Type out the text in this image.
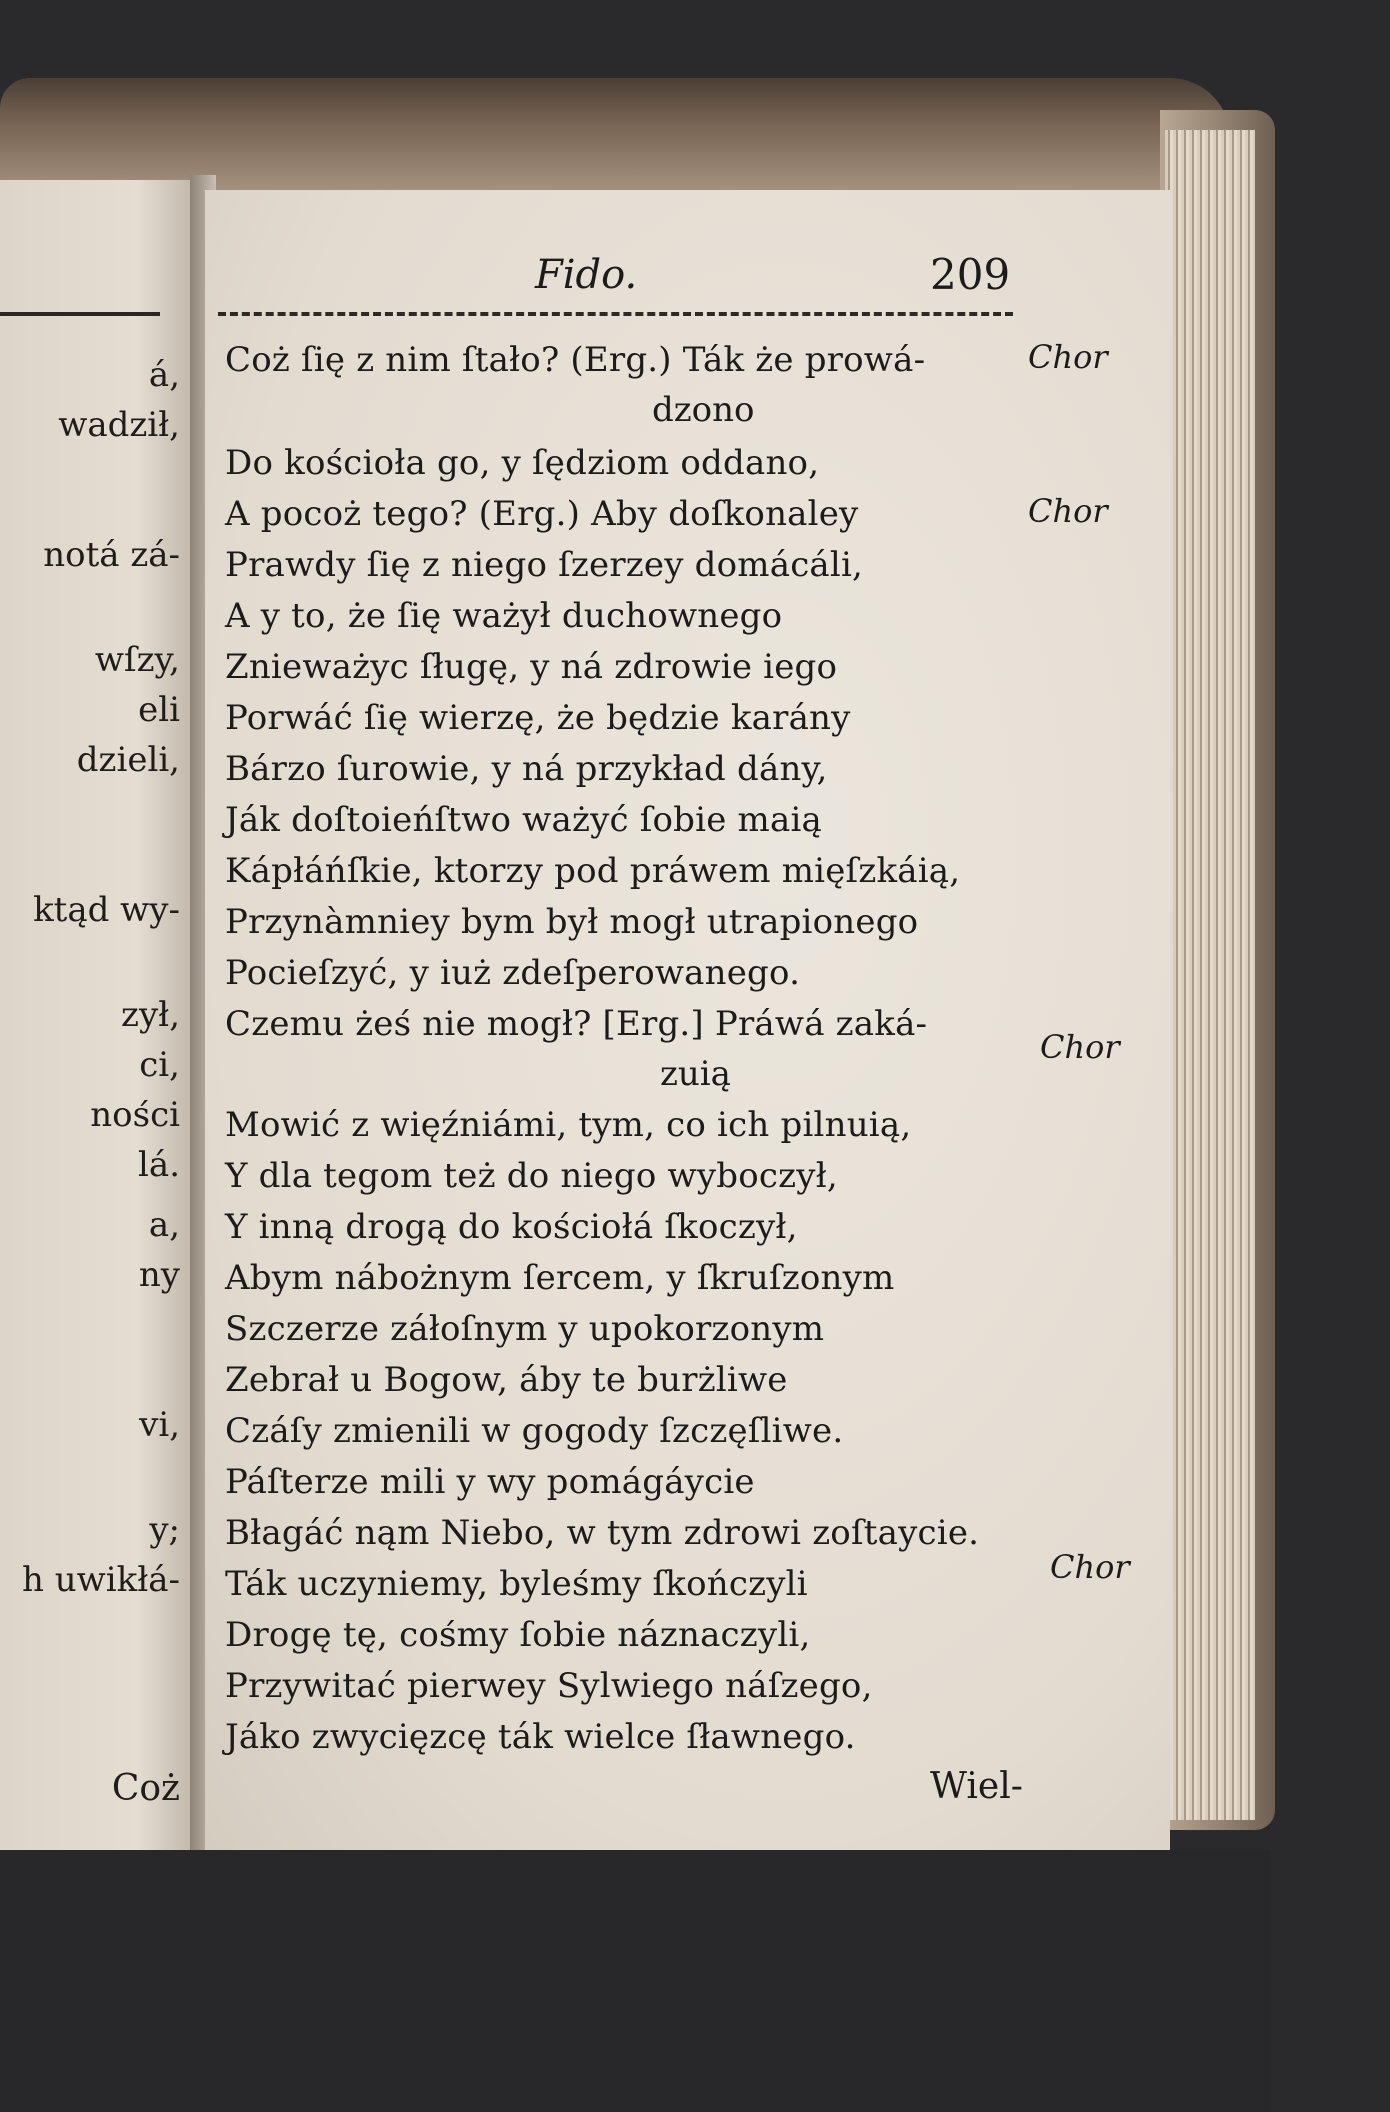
á,
wadził,
notá zá-
wſzy,
eli
dzieli,
ktąd wy-
zył,
ci,
ności
lá.
a,
ny
vi,
y;
h uwikłá-
Coż
Fido.	209
Coż ſię z nim ſtało? (Erg.) Ták że prowá-
dzono
Do kościoła go, y ſędziom oddano,
A pocoż tego? (Erg.) Aby doſkonaley
Prawdy ſię z niego ſzerzey domácáli,
A y to, że ſię ważył duchownego
Znieważyc ſługę, y ná zdrowie iego
Porwáć ſię wierzę, że będzie karány
Bárzo ſurowie, y ná przykład dány,
Ják doſtoieńſtwo ważyć ſobie maią
Kápłáńſkie, ktorzy pod práwem mięſzkáią,
Przynàmniey bym był mogł utrapionego
Pocieſzyć, y iuż zdeſperowanego.
Czemu żeś nie mogł? [Erg.] Práwá zaká-
zuią
Mowić z więźniámi, tym, co ich pilnuią,
Y dla tegom też do niego wyboczył,
Y inną drogą do kościołá ſkoczył,
Abym nábożnym ſercem, y ſkruſzonym
Szczerze záłoſnym y upokorzonym
Zebrał u Bogow, áby te burżliwe
Czáſy zmienili w gogody ſzczęſliwe.
Páſterze mili y wy pomágáycie
Błagáć nąm Niebo, w tym zdrowi zoſtaycie.
Ták uczyniemy, byleśmy ſkończyli
Drogę tę, cośmy ſobie náznaczyli,
Przywitać pierwey Sylwiego náſzego,
Jáko zwycięzcę ták wielce ſławnego.
Chor
Chor
Chor
Chor
Wiel-
